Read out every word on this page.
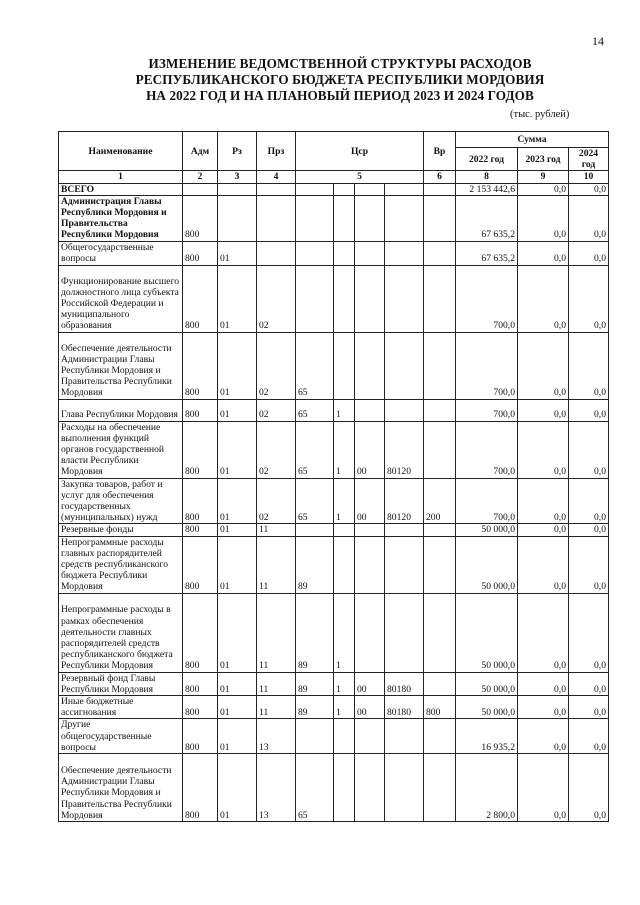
14
ИЗМЕНЕНИЕ ВЕДОМСТВЕННОЙ СТРУКТУРЫ РАСХОДОВ
РЕСПУБЛИКАНСКОГО БЮДЖЕТА РЕСПУБЛИКИ МОРДОВИЯ
НА 2022 ГОД И НА ПЛАНОВЫЙ ПЕРИОД 2023 И 2024 ГОДОВ
(тыс. рублей)
Наименование	Адм	Рз	Прз	Цср				Вр	Сумма		
									2022 год	2023 год	2024 год
1	2	3	4	5				6	8	9	10
ВСЕГО									2 153 442,6	0,0	0,0
Администрация Главы Республики Мордовия и Правительства Республики Мордовия	800								67 635,2	0,0	0,0
Общегосударственные вопросы	800	01							67 635,2	0,0	0,0
Функционирование высшего должностного лица субъекта Российской Федерации и муниципального образования	800	01	02						700,0	0,0	0,0
Обеспечение деятельности Администрации Главы Республики Мордовия и Правительства Республики Мордовия	800	01	02	65					700,0	0,0	0,0
Глава Республики Мордовия	800	01	02	65	1				700,0	0,0	0,0
Расходы на обеспечение выполнения функций органов государственной власти Республики Мордовия	800	01	02	65	1	00	80120		700,0	0,0	0,0
Закупка товаров, работ и услуг для обеспечения государственных (муниципальных) нужд	800	01	02	65	1	00	80120	200	700,0	0,0	0,0
Резервные фонды	800	01	11						50 000,0	0,0	0,0
Непрограммные расходы главных распорядителей средств республиканского бюджета Республики Мордовия	800	01	11	89					50 000,0	0,0	0,0
Непрограммные расходы в рамках обеспечения деятельности главных распорядителей средств республиканского бюджета Республики Мордовия	800	01	11	89	1				50 000,0	0,0	0,0
Резервный фонд Главы Республики Мордовия	800	01	11	89	1	00	80180		50 000,0	0,0	0,0
Иные бюджетные ассигнования	800	01	11	89	1	00	80180	800	50 000,0	0,0	0,0
Другие общегосударственные вопросы	800	01	13						16 935,2	0,0	0,0
Обеспечение деятельности Администрации Главы Республики Мордовия и Правительства Республики Мордовия	800	01	13	65					2 800,0	0,0	0,0
